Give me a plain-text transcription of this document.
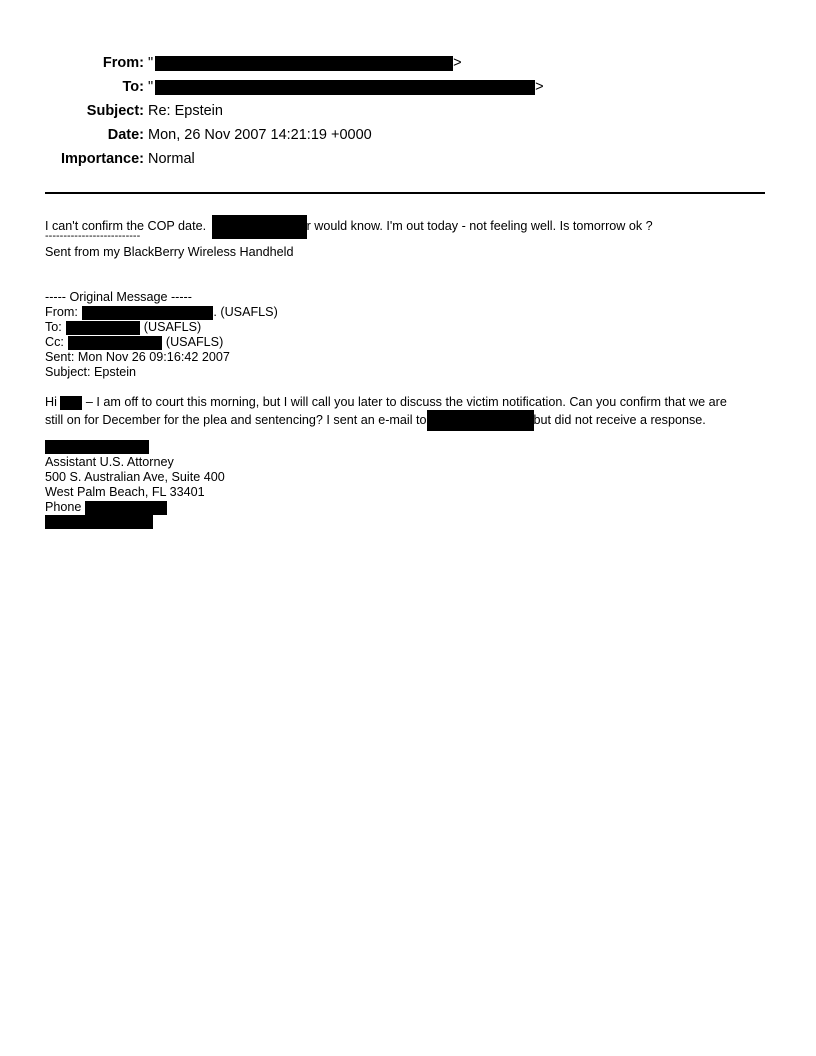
From: "	>
To: "	>
Subject: Re: Epstein
Date: Mon, 26 Nov 2007 14:21:19 +0000
Importance: Normal
I can't confirm the COP date.	r would know. I'm out today - not feeling well. Is tomorrow ok ?
--------------------------
Sent from my BlackBerry Wireless Handheld
----- Original Message -----
From:	. (USAFLS)
To:	(USAFLS)
Cc:	(USAFLS)
Sent: Mon Nov 26 09:16:42 2007
Subject: Epstein
Hi – I am off to court this morning, but I will call you later to discuss the victim notification. Can you confirm that we are
still on for December for the plea and sentencing? I sent an e-mail to	but did not receive a response.
Assistant U.S. Attorney
500 S. Australian Ave, Suite 400
West Palm Beach, FL 33401
Phone
